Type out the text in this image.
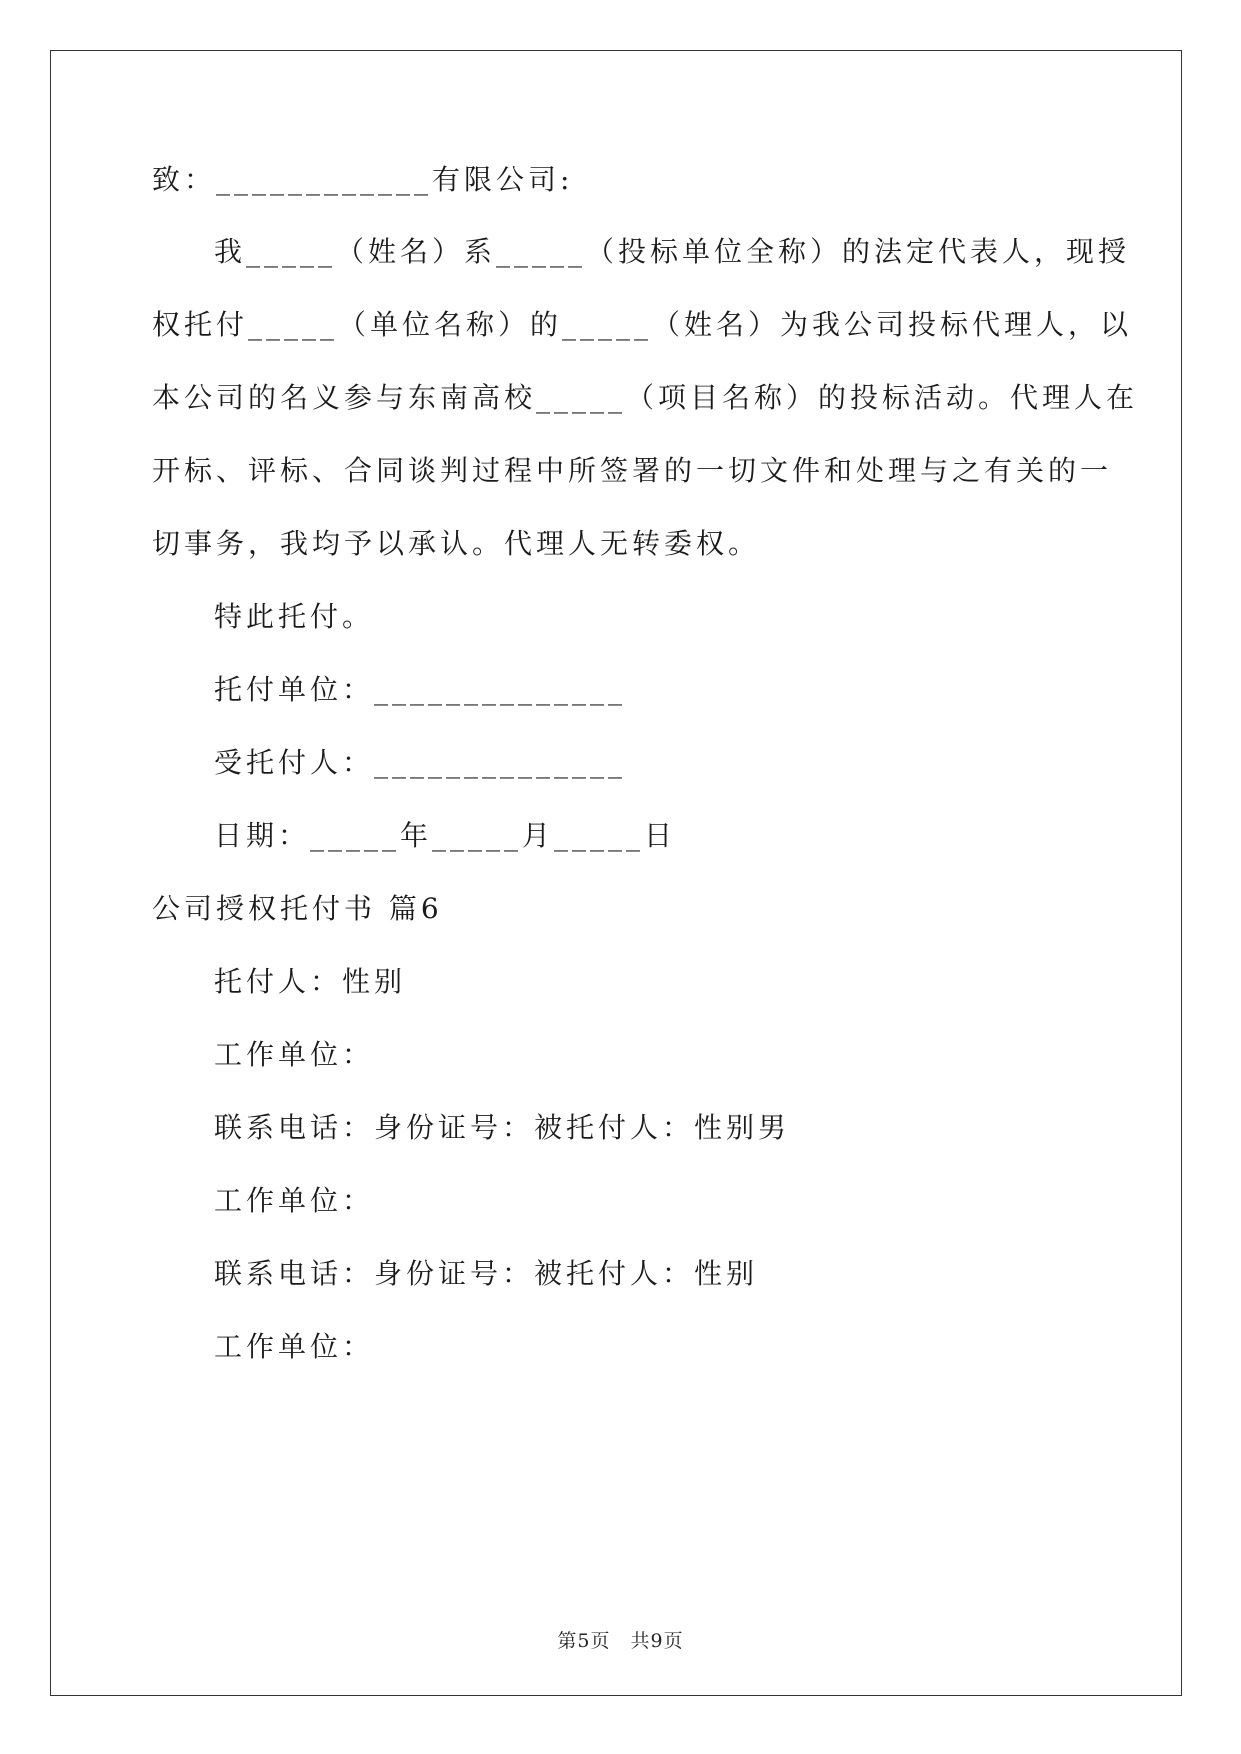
致：____________有限公司:
我_____（姓名）系_____（投标单位全称）的法定代表人，现授
权托付_____（单位名称）的_____（姓名）为我公司投标代理人，以
本公司的名义参与东南高校_____（项目名称）的投标活动。代理人在
开标、评标、合同谈判过程中所签署的一切文件和处理与之有关的一
切事务，我均予以承认。代理人无转委权。
特此托付。
托付单位：______________
受托付人：______________
日期：_____年_____月_____日
公司授权托付书 篇6
托付人：性别
工作单位：
联系电话：身份证号：被托付人：性别男
工作单位：
联系电话：身份证号：被托付人：性别
工作单位：
第5页　共9页
